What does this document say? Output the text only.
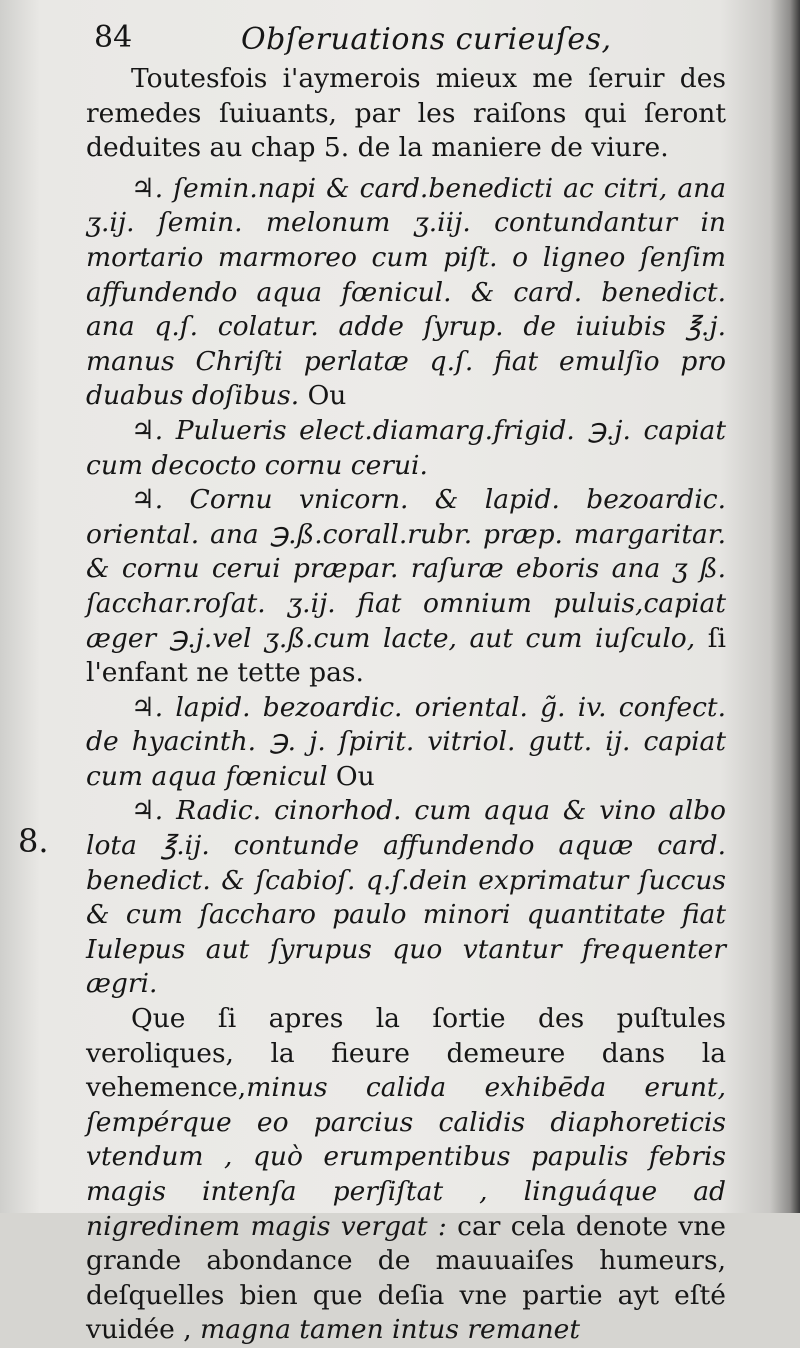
84	Obſeruations curieuſes,

Toutesfois i'aymerois mieux me ſeruir des remedes ſuiuants, par les raiſons qui ſeront deduites au chap 5. de la maniere de viure.

♃. ſemin.napi & card.benedicti ac citri, ana ʒ.ij. ſemin. melonum ʒ.iij. contundantur in mortario marmoreo cum piſt. o ligneo ſenſim affundendo aqua fœnicul. & card. benedict. ana q.ſ. colatur. adde ſyrup. de iuiubis ℥.j. manus Chriſti perlatæ q.ſ. fiat emulſio pro duabus doſibus. Ou

♃. Pulueris elect.diamarg.frigid. ℈.j. capiat cum decocto cornu cerui.

♃. Cornu vnicorn. & lapid. bezoardic. oriental. ana ℈.ß.corall.rubr. præp. margaritar. & cornu cerui præpar. raſuræ eboris ana ʒ ß. ſacchar.roſat. ʒ.ij. fiat omnium puluis,capiat æger ℈.j.vel ʒ.ß.cum lacte, aut cum iuſculo, ſi l'enfant ne tette pas.

♃. lapid. bezoardic. oriental. g̃. iv. confect. de hyacinth. ℈. j. ſpirit. vitriol. gutt. ij. capiat cum aqua fœnicul Ou

♃. Radic. cinorhod. cum aqua & vino albo lota ℥.ij. contunde affundendo aquæ card. benedict. & ſcabioſ. q.ſ.dein exprimatur ſuccus & cum ſaccharo paulo minori quantitate fiat Iulepus aut ſyrupus quo vtantur frequenter ægri.

Que ſi apres la ſortie des puſtules veroliques, la fieure demeure dans la vehemence,minus calida exhibēda erunt, ſempérque eo parcius calidis diaphoreticis vtendum , quò erumpentibus papulis febris magis intenſa perſiſtat , linguáque ad nigredinem magis vergat : car cela denote vne grande abondance de mauuaiſes humeurs, deſquelles bien que deſia vne partie ayt eſté vuidée , magna tamen intus remanet

8.
